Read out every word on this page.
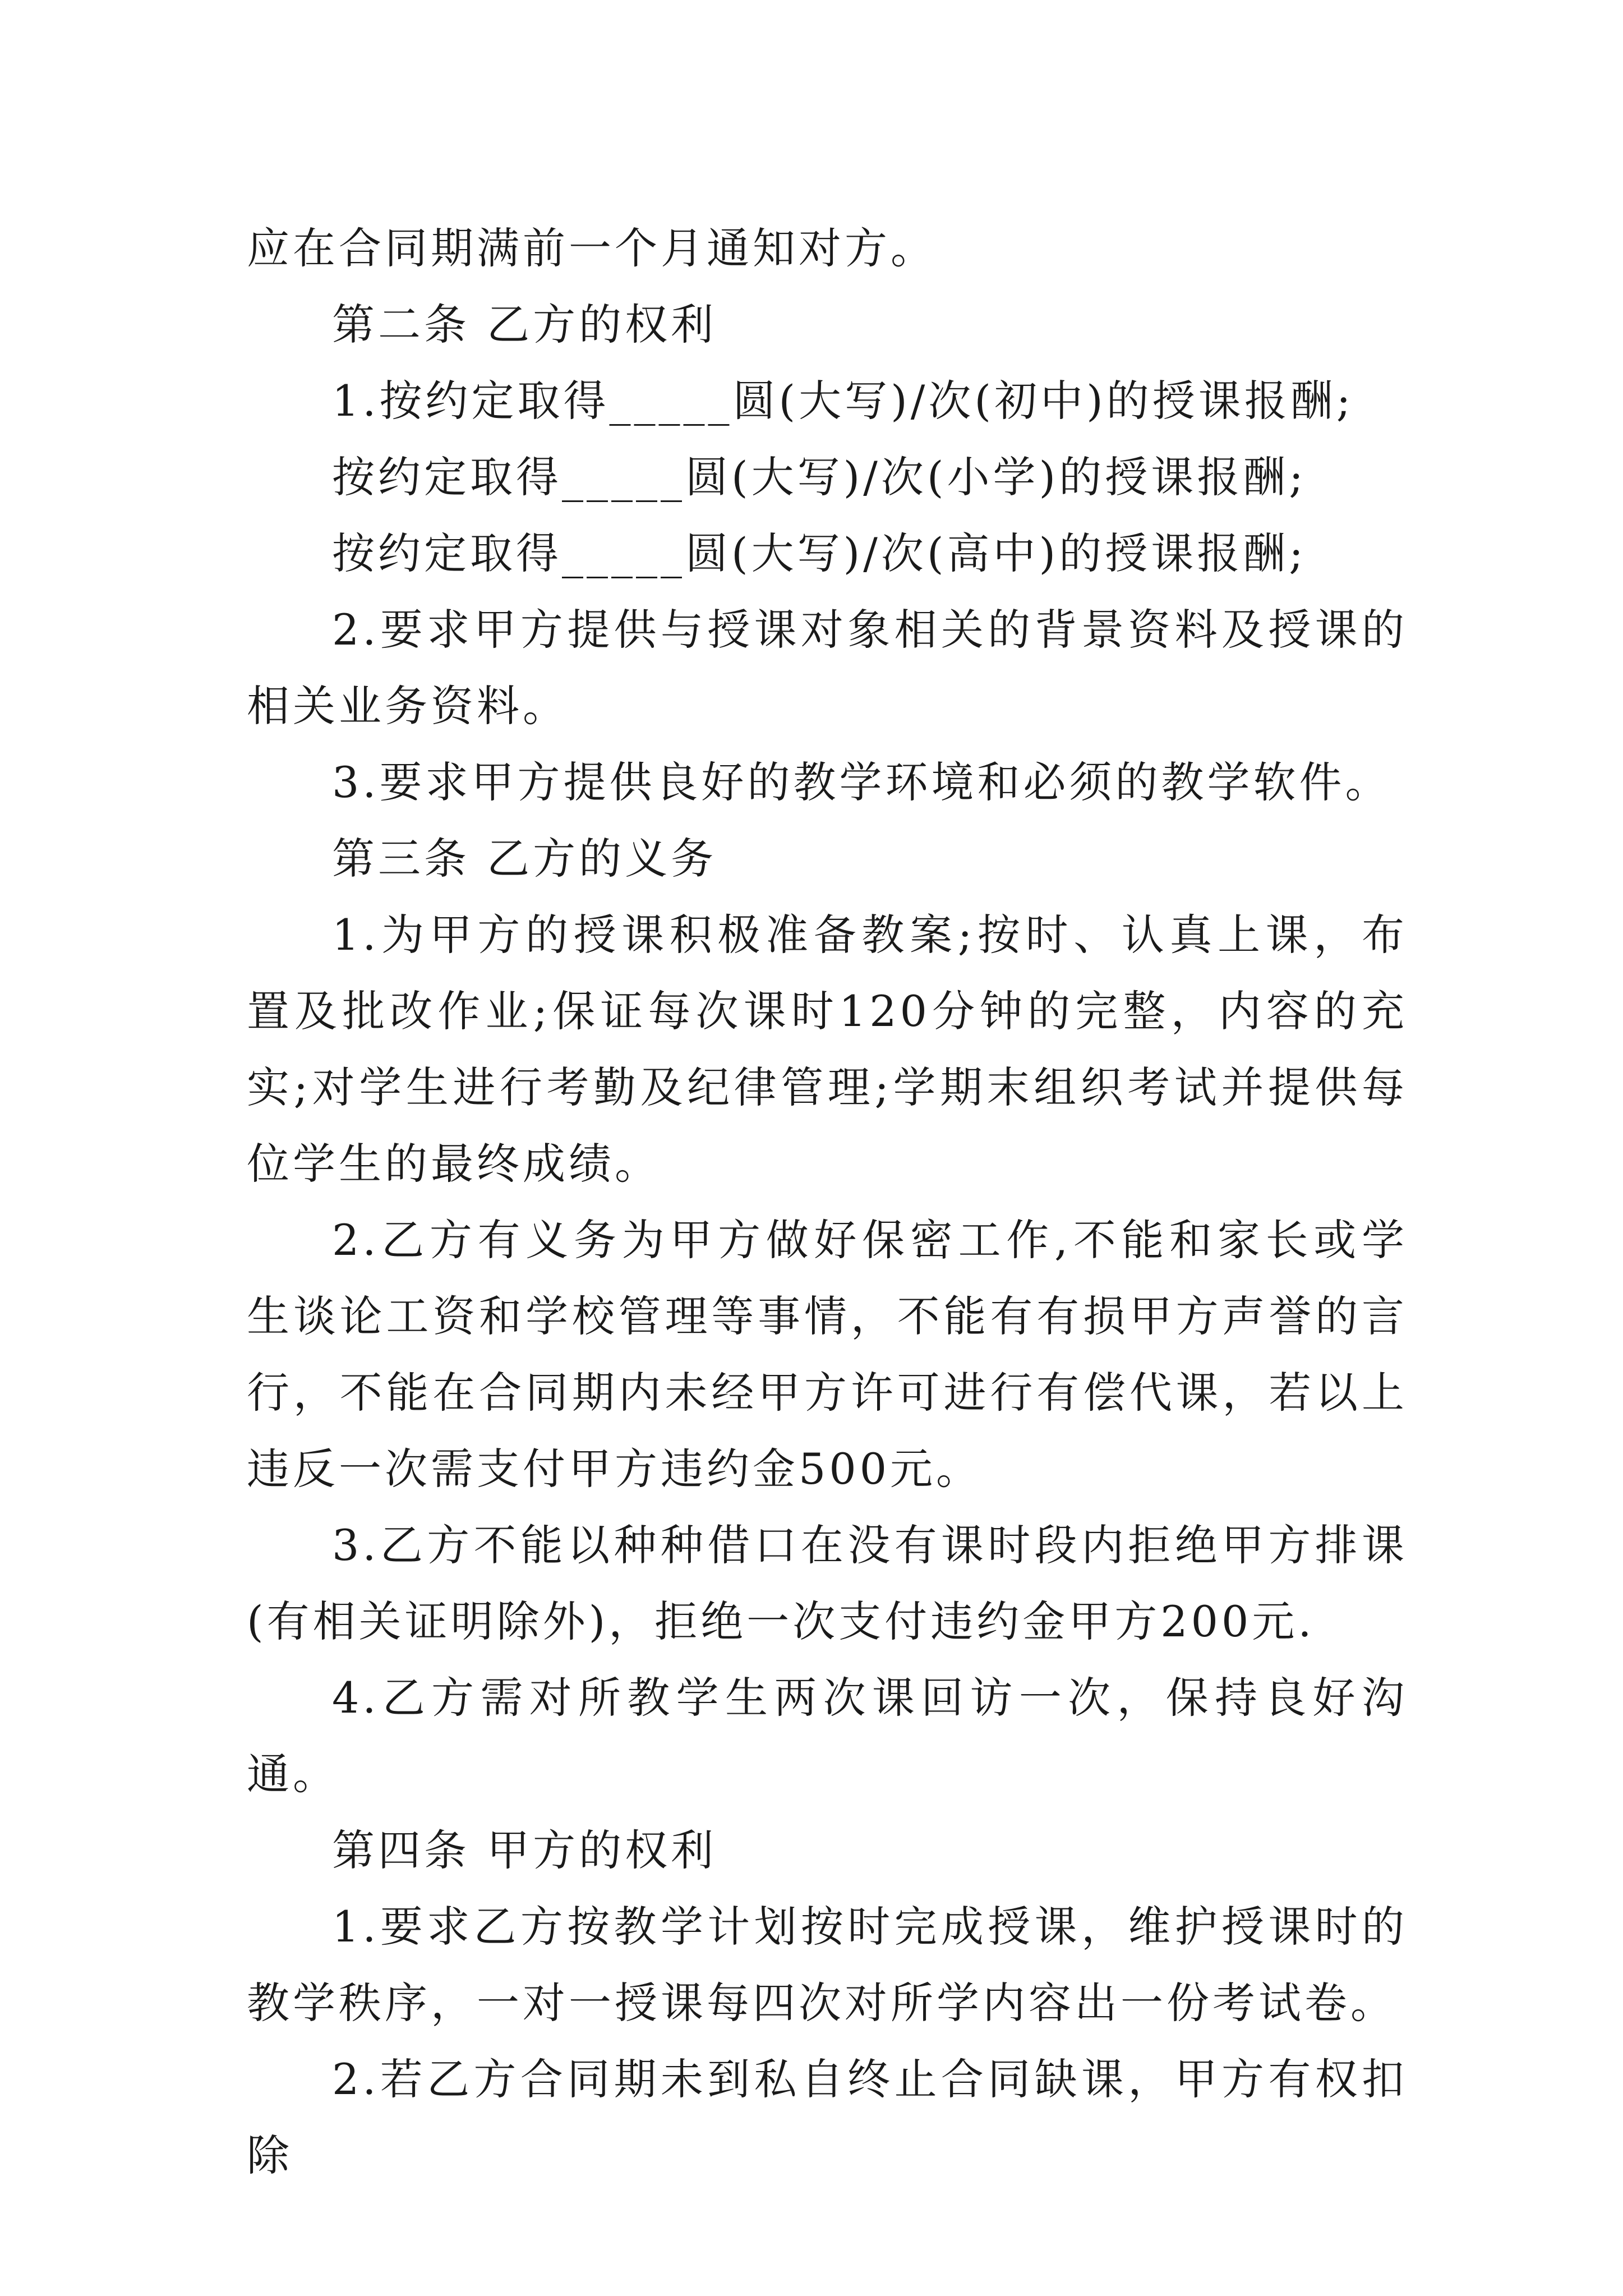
应在合同期满前一个月通知对方。

第二条 乙方的权利

1.按约定取得_____圆(大写)/次(初中)的授课报酬;

按约定取得_____圆(大写)/次(小学)的授课报酬;

按约定取得_____圆(大写)/次(高中)的授课报酬;

2.要求甲方提供与授课对象相关的背景资料及授课的相关业务资料。

3.要求甲方提供良好的教学环境和必须的教学软件。

第三条 乙方的义务

1.为甲方的授课积极准备教案;按时、认真上课，布置及批改作业;保证每次课时120分钟的完整，内容的充实;对学生进行考勤及纪律管理;学期末组织考试并提供每位学生的最终成绩。

2.乙方有义务为甲方做好保密工作,不能和家长或学生谈论工资和学校管理等事情，不能有有损甲方声誉的言行，不能在合同期内未经甲方许可进行有偿代课，若以上违反一次需支付甲方违约金500元。

3.乙方不能以种种借口在没有课时段内拒绝甲方排课(有相关证明除外)，拒绝一次支付违约金甲方200元.

4.乙方需对所教学生两次课回访一次，保持良好沟通。

第四条 甲方的权利

1.要求乙方按教学计划按时完成授课，维护授课时的教学秩序，一对一授课每四次对所学内容出一份考试卷。

2.若乙方合同期未到私自终止合同缺课，甲方有权扣除
